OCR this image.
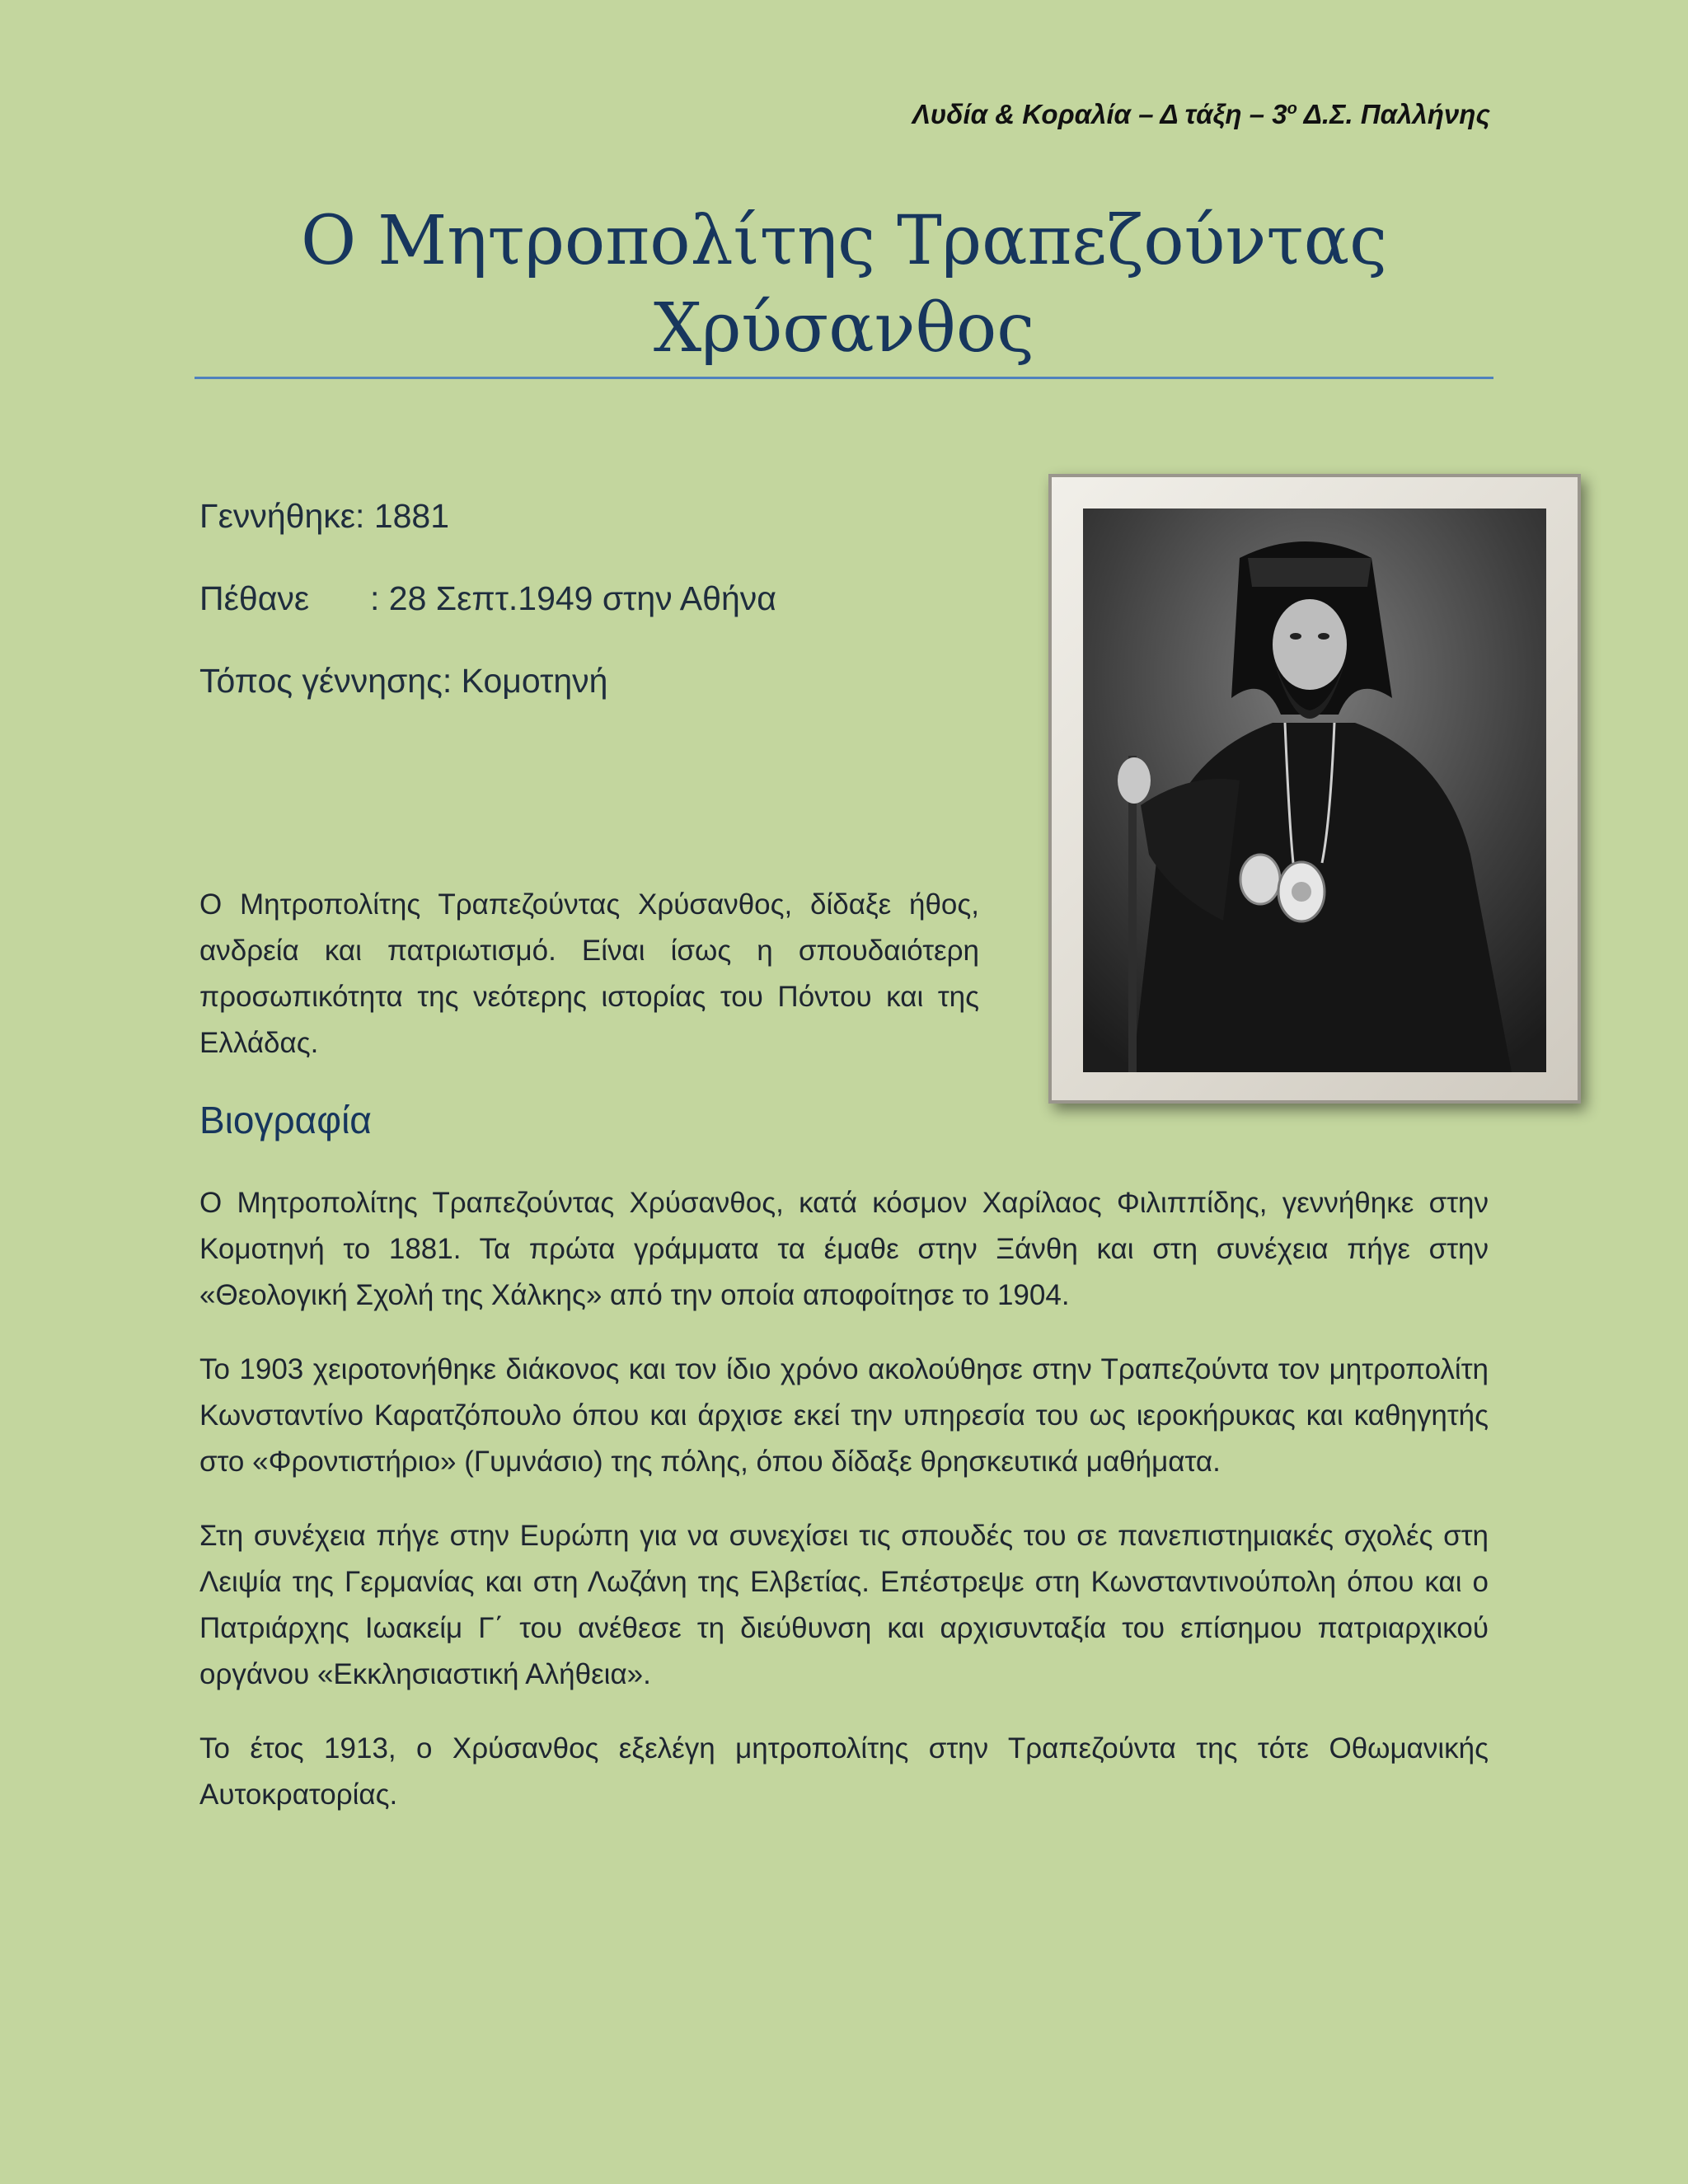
Λυδία & Κοραλία – Δ τάξη – $3^o$ Δ.Σ. Παλλήνης
Ο Μητροπολίτης Τραπεζούντας
Χρύσανθος
Γεννήθηκε: 1881
Πέθανε : 28 Σεπτ.1949 στην Αθήνα
Τόπος γέννησης: Κομοτηνή
Ο Μητροπολίτης Τραπεζούντας Χρύσανθος, δίδαξε ήθος, ανδρεία και πατριωτισμό. Είναι ίσως η σπουδαιότερη προσωπικότητα της νεότερης ιστορίας του Πόντου και της Ελλάδας.
Βιογραφία

Ο Μητροπολίτης Τραπεζούντας Χρύσανθος, κατά κόσμον Χαρίλαος Φιλιππίδης, γεννήθηκε στην Κομοτηνή το 1881. Τα πρώτα γράμματα τα έμαθε στην Ξάνθη και στη συνέχεια πήγε στην «Θεολογική Σχολή της Χάλκης» από την οποία αποφοίτησε το 1904.

Το 1903 χειροτονήθηκε διάκονος και τον ίδιο χρόνο ακολούθησε στην Τραπεζούντα τον μητροπολίτη Κωνσταντίνο Καρατζόπουλο όπου και άρχισε εκεί την υπηρεσία του ως ιεροκήρυκας και καθηγητής στο «Φροντιστήριο» (Γυμνάσιο) της πόλης, όπου δίδαξε θρησκευτικά μαθήματα.

Στη συνέχεια πήγε στην Ευρώπη για να συνεχίσει τις σπουδές του σε πανεπιστημιακές σχολές στη Λειψία της Γερμανίας και στη Λωζάνη της Ελβετίας. Επέστρεψε στη Κωνσταντινούπολη όπου και ο Πατριάρχης Ιωακείμ Γ΄ του ανέθεσε τη διεύθυνση και αρχισυνταξία του επίσημου πατριαρχικού οργάνου «Εκκλησιαστική Αλήθεια».

Το έτος 1913, ο Χρύσανθος εξελέγη μητροπολίτης στην Τραπεζούντα της τότε Οθωμανικής Αυτοκρατορίας.
